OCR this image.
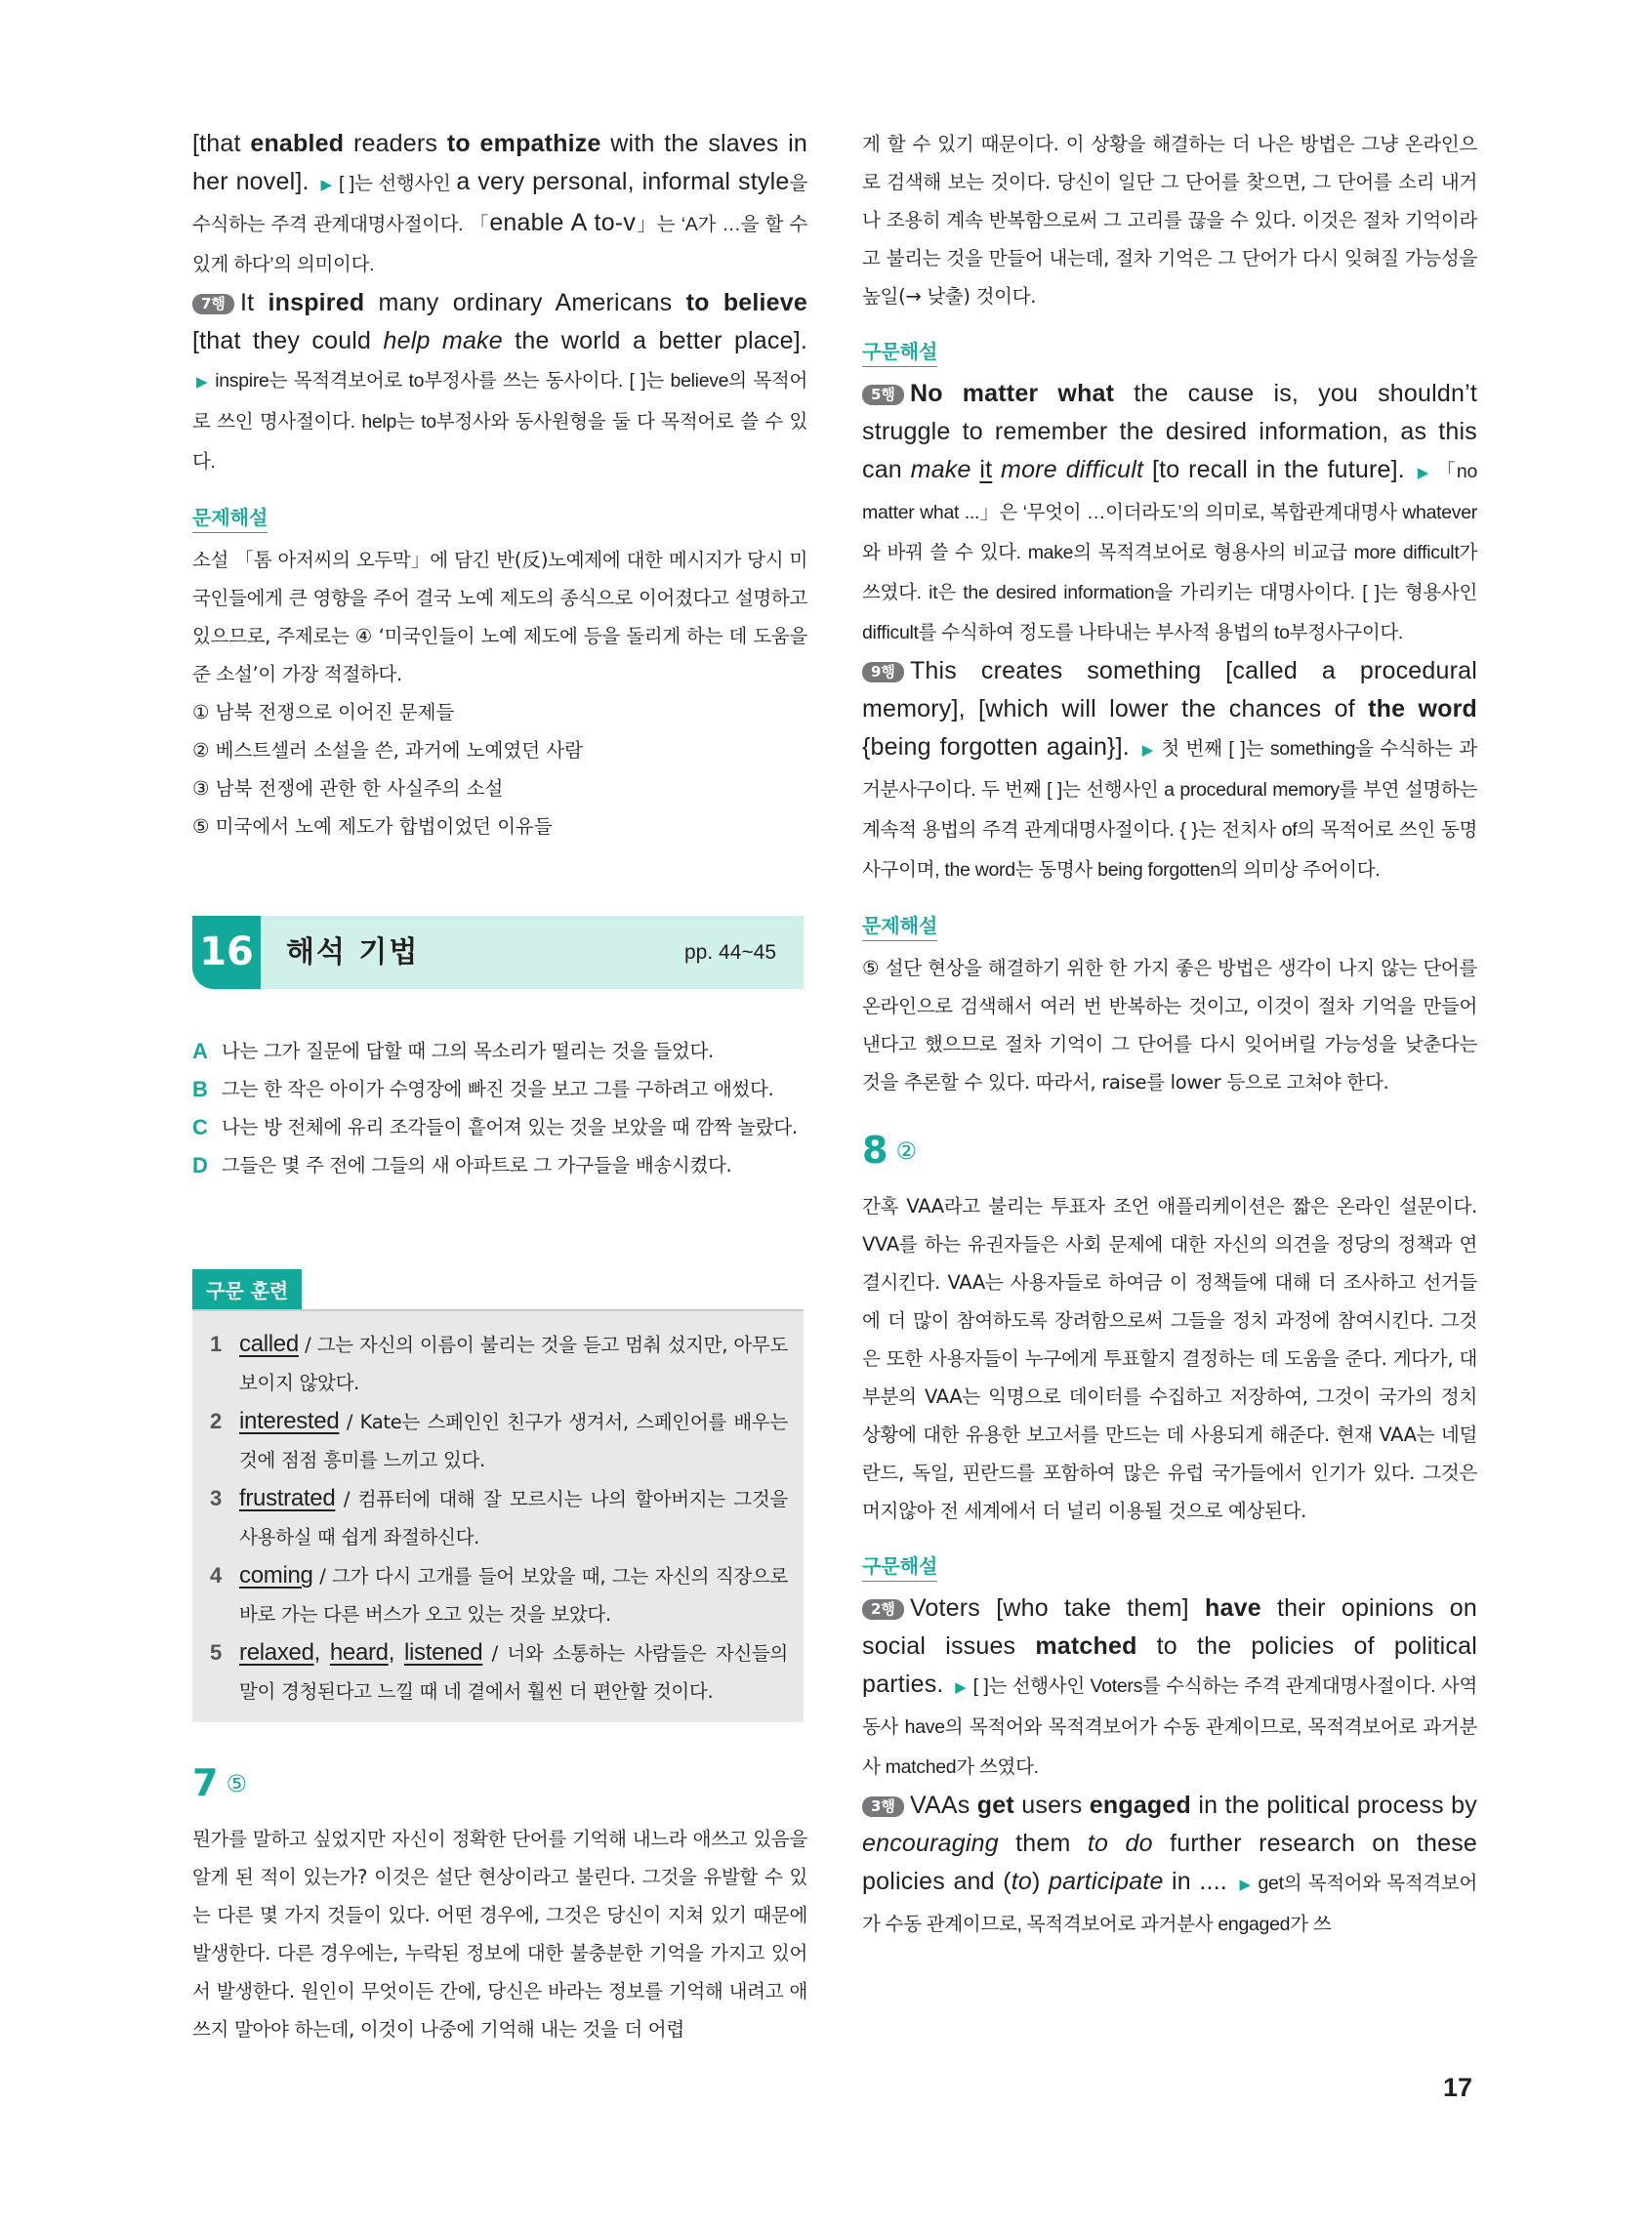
[that enabled readers to empathize with the slaves in her novel]. ▶ [ ]는 선행사인 a very personal, informal style을 수식하는 주격 관계대명사절이다. 「enable A to-v」는 ‘A가 …을 할 수 있게 하다’의 의미이다.

7행 It inspired many ordinary Americans to believe [that they could help make the world a better place]. ▶ inspire는 목적격보어로 to부정사를 쓰는 동사이다. [ ]는 believe의 목적어로 쓰인 명사절이다. help는 to부정사와 동사원형을 둘 다 목적어로 쓸 수 있다.

문제해설

소설 「톰 아저씨의 오두막」에 담긴 반(反)노예제에 대한 메시지가 당시 미국인들에게 큰 영향을 주어 결국 노예 제도의 종식으로 이어졌다고 설명하고 있으므로, 주제로는 ④ ‘미국인들이 노예 제도에 등을 돌리게 하는 데 도움을 준 소설’이 가장 적절하다.

① 남북 전쟁으로 이어진 문제들
② 베스트셀러 소설을 쓴, 과거에 노예였던 사람
③ 남북 전쟁에 관한 한 사실주의 소설
⑤ 미국에서 노예 제도가 합법이었던 이유들
16 해석 기법	pp. 44~45
A 나는 그가 질문에 답할 때 그의 목소리가 떨리는 것을 들었다.
B 그는 한 작은 아이가 수영장에 빠진 것을 보고 그를 구하려고 애썼다.
C 나는 방 전체에 유리 조각들이 흩어져 있는 것을 보았을 때 깜짝 놀랐다.
D 그들은 몇 주 전에 그들의 새 아파트로 그 가구들을 배송시켰다.
구문 훈련
1 called / 그는 자신의 이름이 불리는 것을 듣고 멈춰 섰지만, 아무도 보이지 않았다.
2 interested / Kate는 스페인인 친구가 생겨서, 스페인어를 배우는 것에 점점 흥미를 느끼고 있다.
3 frustrated / 컴퓨터에 대해 잘 모르시는 나의 할아버지는 그것을 사용하실 때 쉽게 좌절하신다.
4 coming / 그가 다시 고개를 들어 보았을 때, 그는 자신의 직장으로 바로 가는 다른 버스가 오고 있는 것을 보았다.
5 relaxed, heard, listened / 너와 소통하는 사람들은 자신들의 말이 경청된다고 느낄 때 네 곁에서 훨씬 더 편안할 것이다.
7 ⑤

뭔가를 말하고 싶었지만 자신이 정확한 단어를 기억해 내느라 애쓰고 있음을 알게 된 적이 있는가? 이것은 설단 현상이라고 불린다. 그것을 유발할 수 있는 다른 몇 가지 것들이 있다. 어떤 경우에, 그것은 당신이 지쳐 있기 때문에 발생한다. 다른 경우에는, 누락된 정보에 대한 불충분한 기억을 가지고 있어서 발생한다. 원인이 무엇이든 간에, 당신은 바라는 정보를 기억해 내려고 애쓰지 말아야 하는데, 이것이 나중에 기억해 내는 것을 더 어렵

게 할 수 있기 때문이다. 이 상황을 해결하는 더 나은 방법은 그냥 온라인으로 검색해 보는 것이다. 당신이 일단 그 단어를 찾으면, 그 단어를 소리 내거나 조용히 계속 반복함으로써 그 고리를 끊을 수 있다. 이것은 절차 기억이라고 불리는 것을 만들어 내는데, 절차 기억은 그 단어가 다시 잊혀질 가능성을 높일(→ 낮출) 것이다.

구문해설

5행 No matter what the cause is, you shouldn’t struggle to remember the desired information, as this can make it more difficult [to recall in the future]. ▶ 「no matter what ...」은 ‘무엇이 …이더라도’의 의미로, 복합관계대명사 whatever와 바꿔 쓸 수 있다. make의 목적격보어로 형용사의 비교급 more difficult가 쓰였다. it은 the desired information을 가리키는 대명사이다. [ ]는 형용사인 difficult를 수식하여 정도를 나타내는 부사적 용법의 to부정사구이다.

9행 This creates something [called a procedural memory], [which will lower the chances of the word {being forgotten again}]. ▶ 첫 번째 [ ]는 something을 수식하는 과거분사구이다. 두 번째 [ ]는 선행사인 a procedural memory를 부연 설명하는 계속적 용법의 주격 관계대명사절이다. { }는 전치사 of의 목적어로 쓰인 동명사구이며, the word는 동명사 being forgotten의 의미상 주어이다.

문제해설

⑤ 설단 현상을 해결하기 위한 한 가지 좋은 방법은 생각이 나지 않는 단어를 온라인으로 검색해서 여러 번 반복하는 것이고, 이것이 절차 기억을 만들어 낸다고 했으므로 절차 기억이 그 단어를 다시 잊어버릴 가능성을 낮춘다는 것을 추론할 수 있다. 따라서, raise를 lower 등으로 고쳐야 한다.

8 ②

간혹 VAA라고 불리는 투표자 조언 애플리케이션은 짧은 온라인 설문이다. VVA를 하는 유권자들은 사회 문제에 대한 자신의 의견을 정당의 정책과 연결시킨다. VAA는 사용자들로 하여금 이 정책들에 대해 더 조사하고 선거들에 더 많이 참여하도록 장려함으로써 그들을 정치 과정에 참여시킨다. 그것은 또한 사용자들이 누구에게 투표할지 결정하는 데 도움을 준다. 게다가, 대부분의 VAA는 익명으로 데이터를 수집하고 저장하여, 그것이 국가의 정치 상황에 대한 유용한 보고서를 만드는 데 사용되게 해준다. 현재 VAA는 네덜란드, 독일, 핀란드를 포함하여 많은 유럽 국가들에서 인기가 있다. 그것은 머지않아 전 세계에서 더 널리 이용될 것으로 예상된다.

구문해설

2행 Voters [who take them] have their opinions on social issues matched to the policies of political parties. ▶ [ ]는 선행사인 Voters를 수식하는 주격 관계대명사절이다. 사역동사 have의 목적어와 목적격보어가 수동 관계이므로, 목적격보어로 과거분사 matched가 쓰였다.

3행 VAAs get users engaged in the political process by encouraging them to do further research on these policies and (to) participate in .... ▶ get의 목적어와 목적격보어가 수동 관계이므로, 목적격보어로 과거분사 engaged가 쓰

17
